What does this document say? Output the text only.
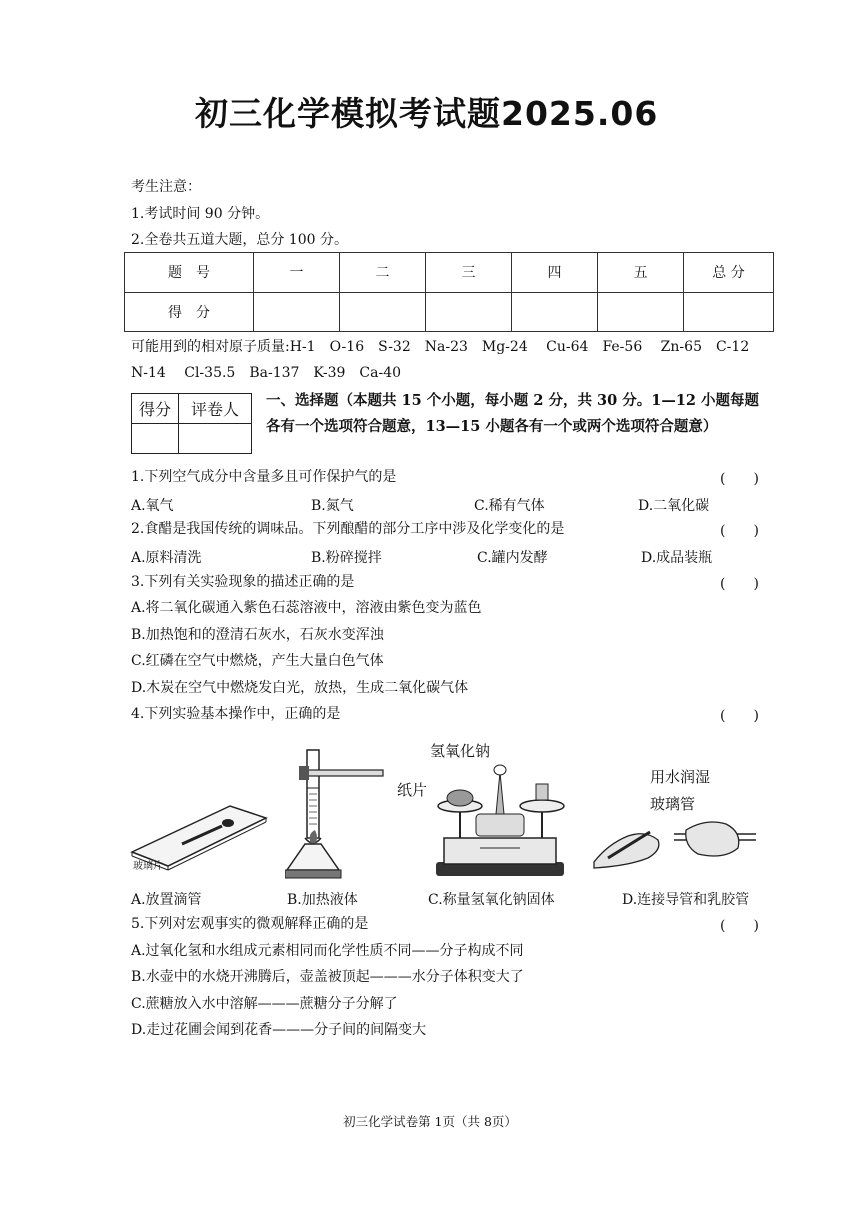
初三化学模拟考试题2025.06
考生注意：
1.考试时间 90 分钟。
2.全卷共五道大题，总分 100 分。
题　号	一	二	三	四	五	总 分
得　分						
可能用到的相对原子质量:H-1　O-16　S-32　Na-23　Mg-24　 Cu-64　Fe-56　 Zn-65　C-12
N-14　 Cl-35.5　Ba-137　K-39　Ca-40
得分	评卷人
	一、选择题（本题共 15 个小题，每小题 2 分，共 30 分。1—12 小题每题
各有一个选项符合题意，13—15 小题各有一个或两个选项符合题意）
1.下列空气成分中含量多且可作保护气的是	(　　)
A.氧气	B.氮气	C.稀有气体	D.二氧化碳
2.食醋是我国传统的调味品。下列酿醋的部分工序中涉及化学变化的是	(　　)
A.原料清洗	B.粉碎搅拌	C.罐内发酵	D.成品装瓶
3.下列有关实验现象的描述正确的是	(　　)
A.将二氧化碳通入紫色石蕊溶液中，溶液由紫色变为蓝色
B.加热饱和的澄清石灰水，石灰水变浑浊
C.红磷在空气中燃烧，产生大量白色气体
D.木炭在空气中燃烧发白光，放热，生成二氧化碳气体
4.下列实验基本操作中，正确的是	(　　)
玻璃片
氢氧化钠
纸片
用水润湿
玻璃管
A.放置滴管	B.加热液体	C.称量氢氧化钠固体	D.连接导管和乳胶管
5.下列对宏观事实的微观解释正确的是	(　　)
A.过氧化氢和水组成元素相同而化学性质不同——分子构成不同
B.水壶中的水烧开沸腾后，壶盖被顶起———水分子体积变大了
C.蔗糖放入水中溶解———蔗糖分子分解了
D.走过花圃会闻到花香———分子间的间隔变大
初三化学试卷第 1页（共 8页）
